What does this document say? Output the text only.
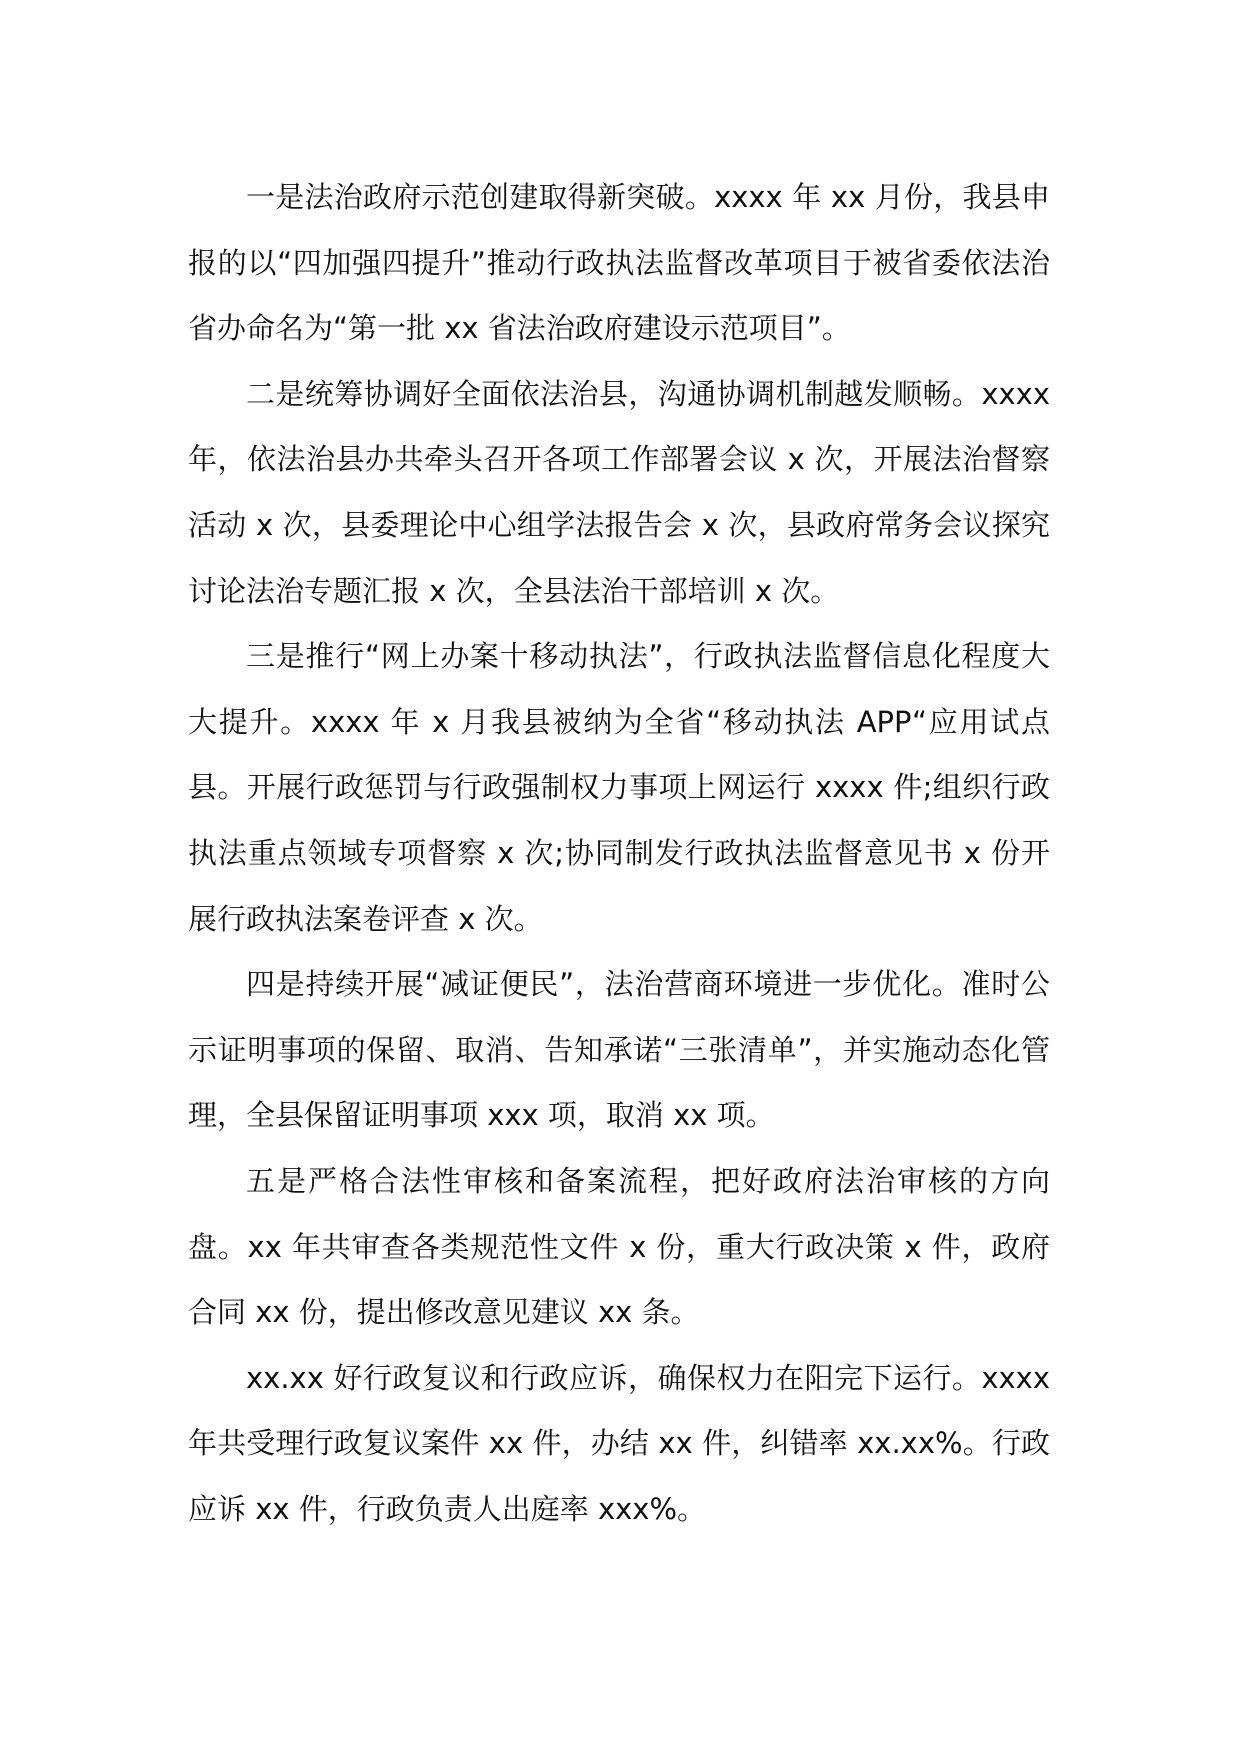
一是法治政府示范创建取得新突破。xxxx 年 xx 月份，我县申报的以“四加强四提升”推动行政执法监督改革项目于被省委依法治省办命名为“第一批 xx 省法治政府建设示范项目”。

二是统筹协调好全面依法治县，沟通协调机制越发顺畅。xxxx 年，依法治县办共牵头召开各项工作部署会议 x 次，开展法治督察活动 x 次，县委理论中心组学法报告会 x 次，县政府常务会议探究讨论法治专题汇报 x 次，全县法治干部培训 x 次。

三是推行“网上办案十移动执法”，行政执法监督信息化程度大大提升。xxxx 年 x 月我县被纳为全省“移动执法 APP“应用试点县。开展行政惩罚与行政强制权力事项上网运行 xxxx 件;组织行政执法重点领域专项督察 x 次;协同制发行政执法监督意见书 x 份开展行政执法案卷评查 x 次。

四是持续开展“减证便民”，法治营商环境进一步优化。准时公示证明事项的保留、取消、告知承诺“三张清单”，并实施动态化管理，全县保留证明事项 xxx 项，取消 xx 项。

五是严格合法性审核和备案流程，把好政府法治审核的方向盘。xx 年共审查各类规范性文件 x 份，重大行政决策 x 件，政府合同 xx 份，提出修改意见建议 xx 条。

xx.xx 好行政复议和行政应诉，确保权力在阳完下运行。xxxx 年共受理行政复议案件 xx 件，办结 xx 件，纠错率 xx.xx%。行政应诉 xx 件，行政负责人出庭率 xxx%。
